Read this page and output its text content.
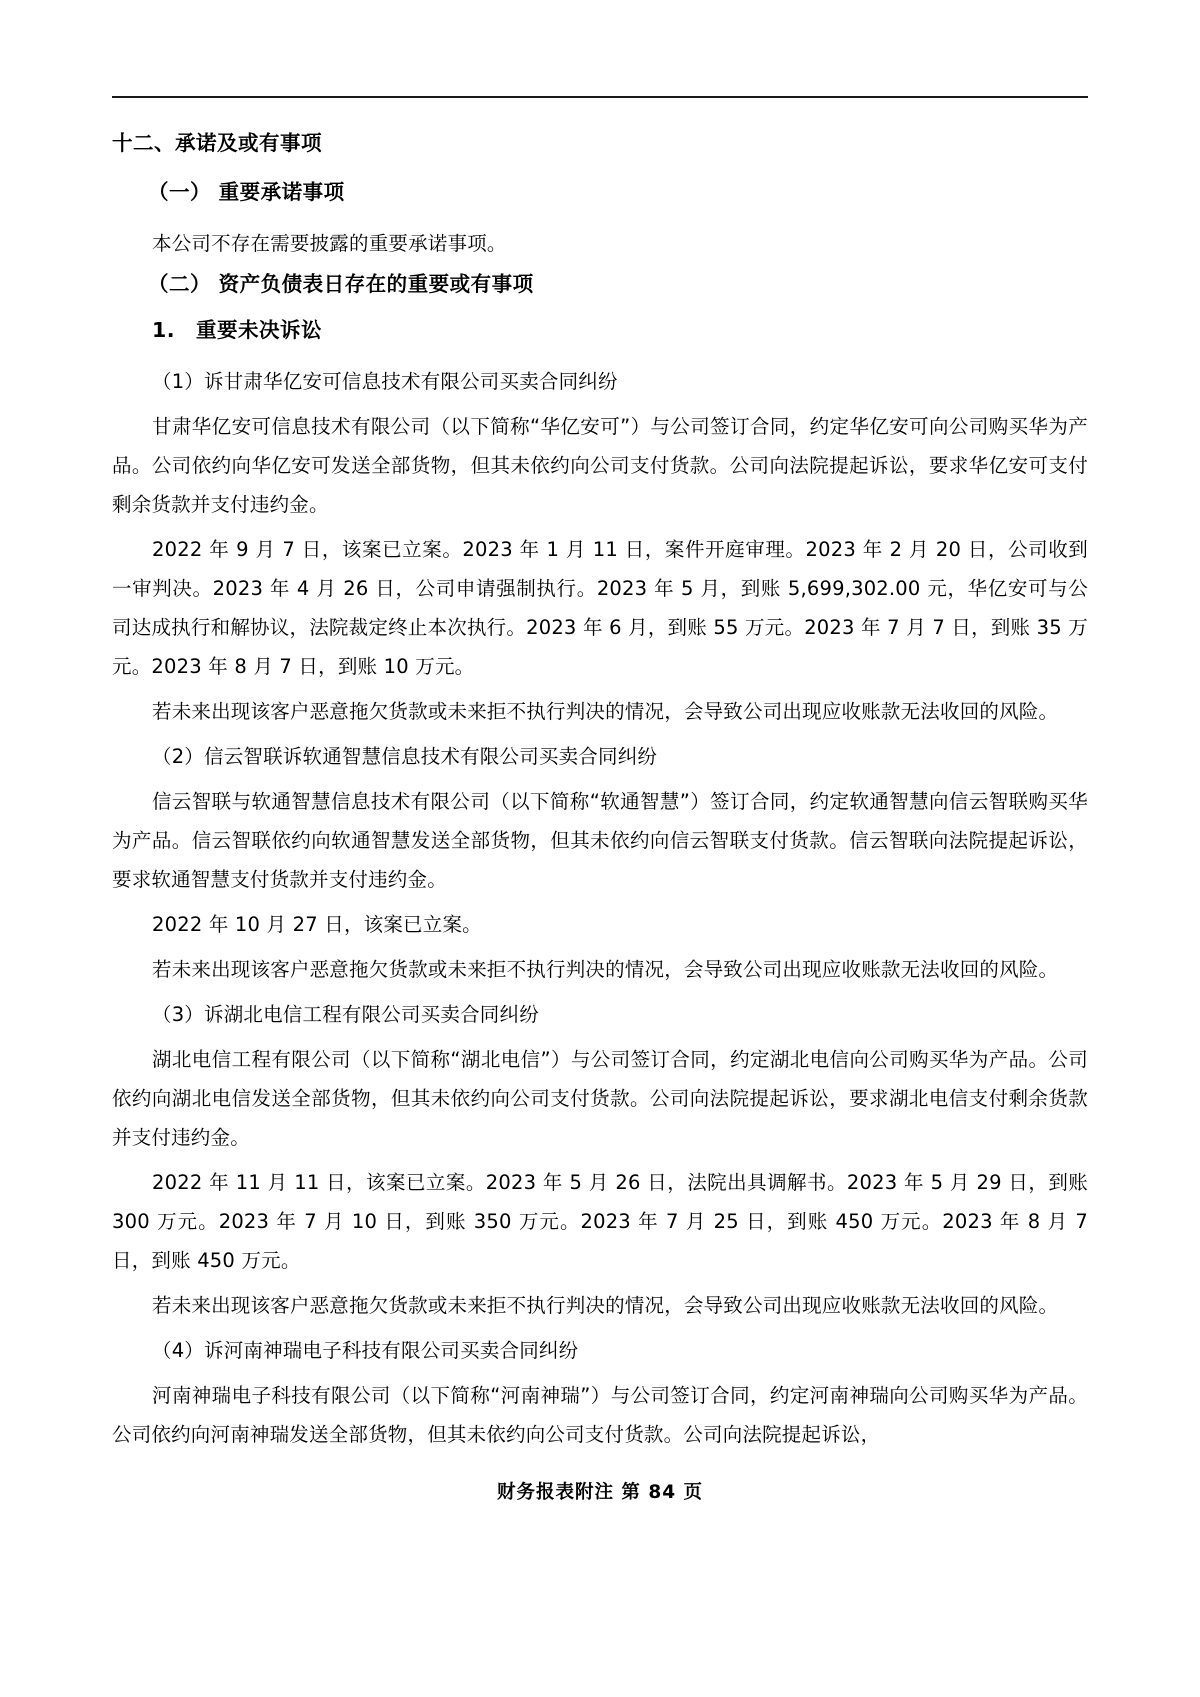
十二、承诺及或有事项
（一） 重要承诺事项

本公司不存在需要披露的重要承诺事项。

（二） 资产负债表日存在的重要或有事项
1.　重要未决诉讼

（1）诉甘肃华亿安可信息技术有限公司买卖合同纠纷

甘肃华亿安可信息技术有限公司（以下简称“华亿安可”）与公司签订合同，约定华亿安可向公司购买华为产品。公司依约向华亿安可发送全部货物，但其未依约向公司支付货款。公司向法院提起诉讼，要求华亿安可支付剩余货款并支付违约金。

2022 年 9 月 7 日，该案已立案。2023 年 1 月 11 日，案件开庭审理。2023 年 2 月 20 日，公司收到一审判决。2023 年 4 月 26 日，公司申请强制执行。2023 年 5 月，到账 5,699,302.00 元，华亿安可与公司达成执行和解协议，法院裁定终止本次执行。2023 年 6 月，到账 55 万元。2023 年 7 月 7 日，到账 35 万元。2023 年 8 月 7 日，到账 10 万元。

若未来出现该客户恶意拖欠货款或未来拒不执行判决的情况，会导致公司出现应收账款无法收回的风险。

（2）信云智联诉软通智慧信息技术有限公司买卖合同纠纷

信云智联与软通智慧信息技术有限公司（以下简称“软通智慧”）签订合同，约定软通智慧向信云智联购买华为产品。信云智联依约向软通智慧发送全部货物，但其未依约向信云智联支付货款。信云智联向法院提起诉讼，要求软通智慧支付货款并支付违约金。

2022 年 10 月 27 日，该案已立案。

若未来出现该客户恶意拖欠货款或未来拒不执行判决的情况，会导致公司出现应收账款无法收回的风险。

（3）诉湖北电信工程有限公司买卖合同纠纷

湖北电信工程有限公司（以下简称“湖北电信”）与公司签订合同，约定湖北电信向公司购买华为产品。公司依约向湖北电信发送全部货物，但其未依约向公司支付货款。公司向法院提起诉讼，要求湖北电信支付剩余货款并支付违约金。

2022 年 11 月 11 日，该案已立案。2023 年 5 月 26 日，法院出具调解书。2023 年 5 月 29 日，到账 300 万元。2023 年 7 月 10 日，到账 350 万元。2023 年 7 月 25 日，到账 450 万元。2023 年 8 月 7 日，到账 450 万元。

若未来出现该客户恶意拖欠货款或未来拒不执行判决的情况，会导致公司出现应收账款无法收回的风险。

（4）诉河南神瑞电子科技有限公司买卖合同纠纷

河南神瑞电子科技有限公司（以下简称“河南神瑞”）与公司签订合同，约定河南神瑞向公司购买华为产品。公司依约向河南神瑞发送全部货物，但其未依约向公司支付货款。公司向法院提起诉讼，

财务报表附注 第 84 页
